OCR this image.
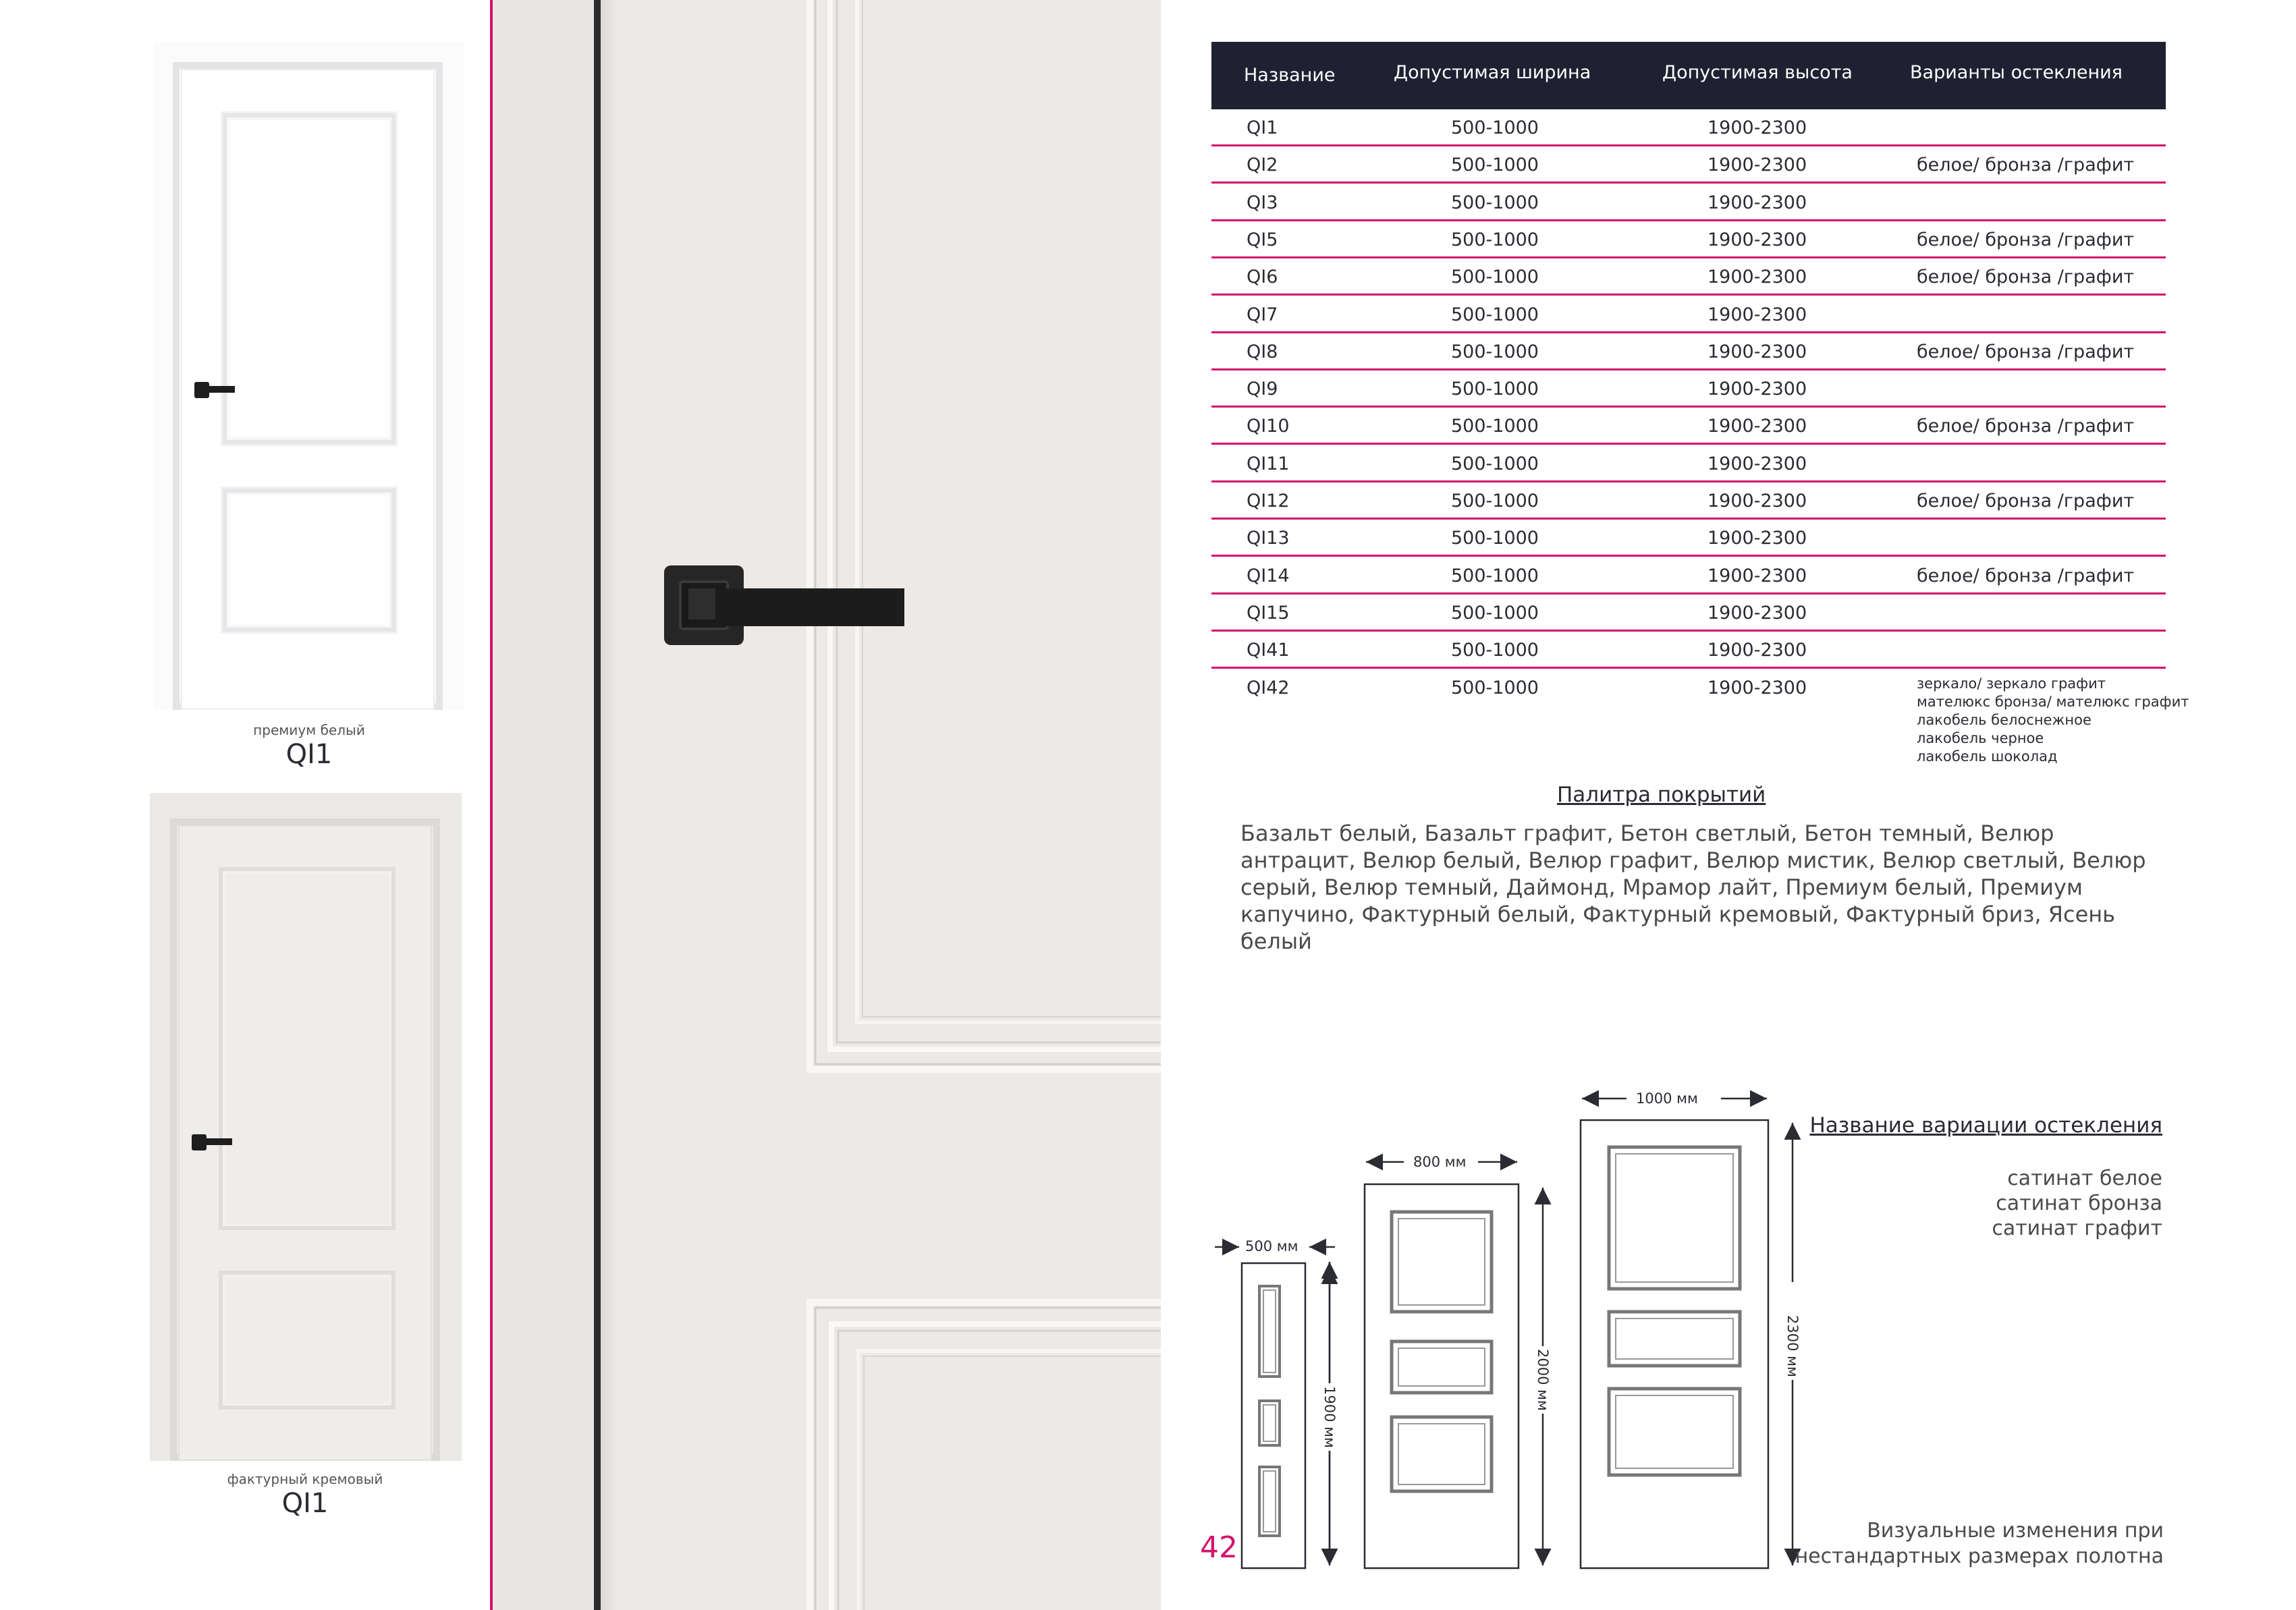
премиум белый
QI1
фактурный кремовый
QI1
Название	Допустимая ширина	Допустимая высота	Варианты остекления
QI1	500-1000	1900-2300
QI2	500-1000	1900-2300	белое/ бронза /графит
QI3	500-1000	1900-2300
QI5	500-1000	1900-2300	белое/ бронза /графит
QI6	500-1000	1900-2300	белое/ бронза /графит
QI7	500-1000	1900-2300
QI8	500-1000	1900-2300	белое/ бронза /графит
QI9	500-1000	1900-2300
QI10	500-1000	1900-2300	белое/ бронза /графит
QI11	500-1000	1900-2300
QI12	500-1000	1900-2300	белое/ бронза /графит
QI13	500-1000	1900-2300
QI14	500-1000	1900-2300	белое/ бронза /графит
QI15	500-1000	1900-2300
QI41	500-1000	1900-2300
QI42	500-1000	1900-2300	зеркало/ зеркало графит
мателюкс бронза/ мателюкс графит
лакобель белоснежное
лакобель черное
лакобель шоколад
Палитра покрытий
Базальт белый, Базальт графит, Бетон светлый, Бетон темный, Велюр антрацит, Велюр белый, Велюр графит, Велюр мистик, Велюр светлый, Велюр серый, Велюр темный, Даймонд, Мрамор лайт, Премиум белый, Премиум капучино, Фактурный белый, Фактурный кремовый, Фактурный бриз, Ясень белый
500 мм
1900 мм
800 мм
2000 мм
1000 мм
2300 мм
Название вариации остекления
сатинат белое
сатинат бронза
сатинат графит
Визуальные изменения при
нестандартных размерах полотна
42
